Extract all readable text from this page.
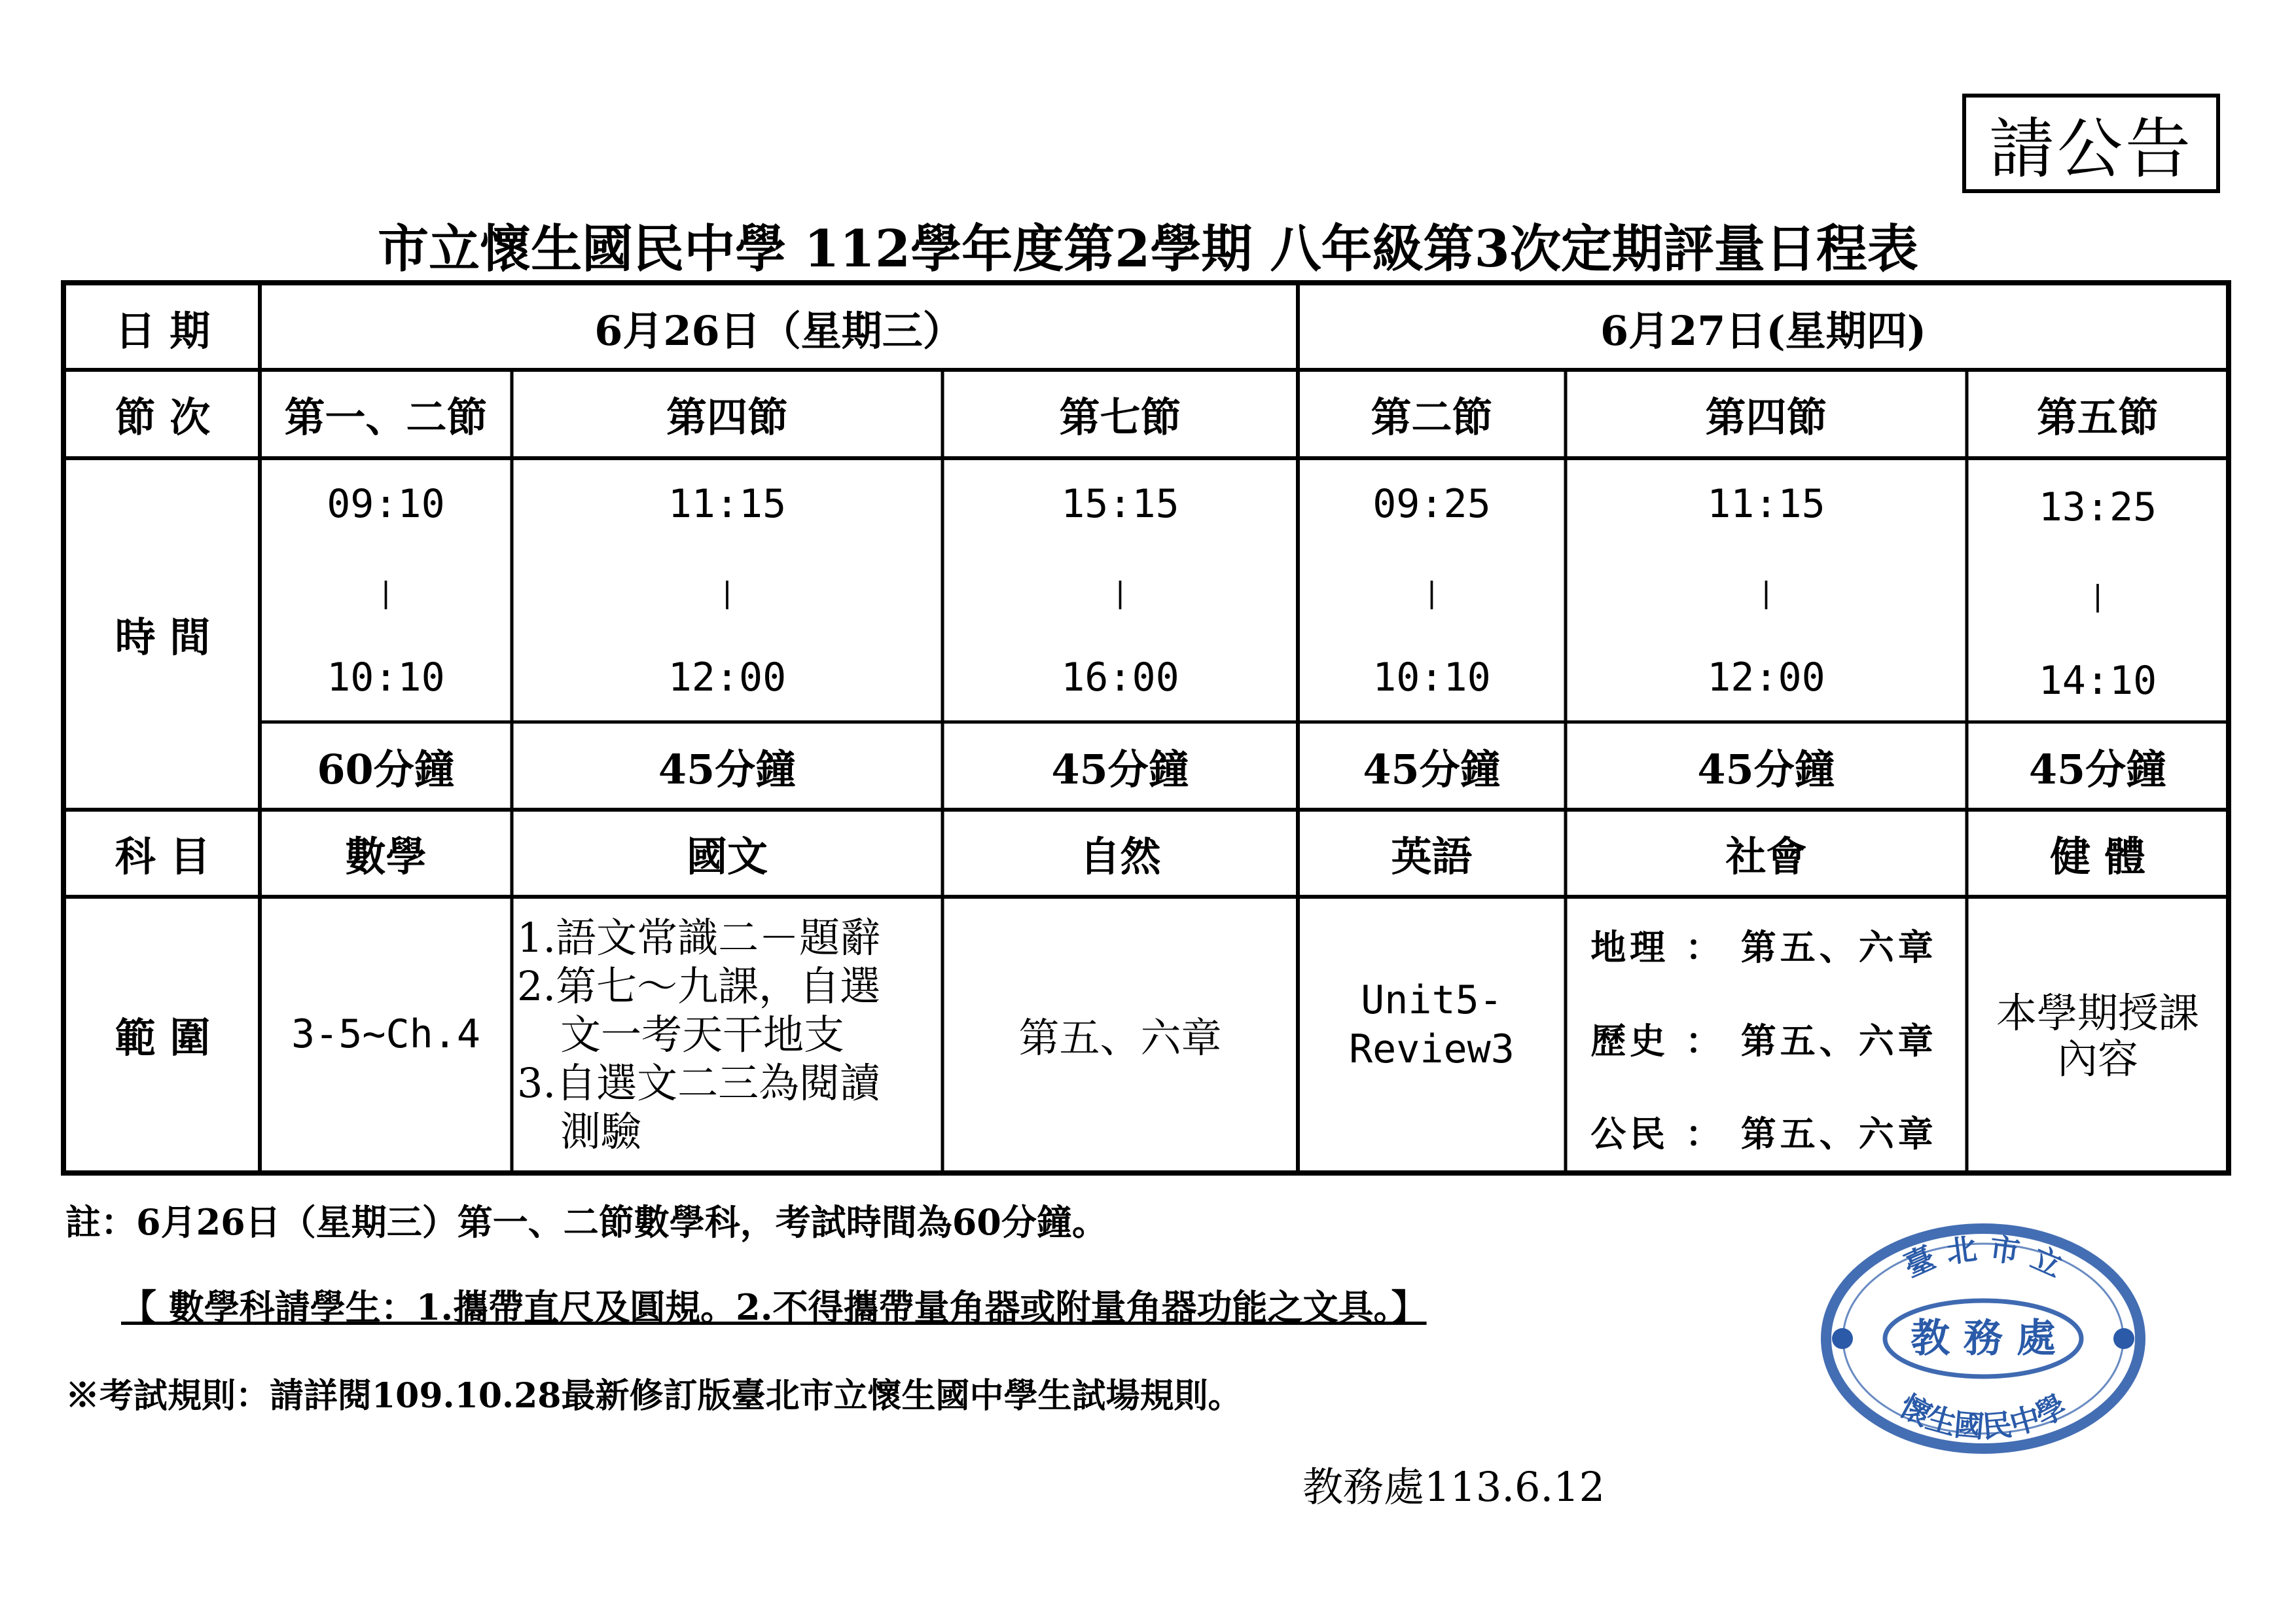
請公告
市立懷生國民中學 112學年度第2學期 八年級第3次定期評量日程表
日 期
節 次
時 間
科 目
範 圍
6月26日（星期三）	6月27日(星期四)
第一、二節
09:10
|
10:10
60分鐘
數學
3-5~Ch.4
第四節
11:15
|
12:00
45分鐘
國文
1.語文常識二－題辭
2.第七～九課，自選
文一考天干地支
3.自選文二三為閱讀
測驗
第七節
15:15
|
16:00
45分鐘
自然
第五、六章
第二節
09:25
|
10:10
45分鐘
英語
Unit5-
Review3
第四節
11:15
|
12:00
45分鐘
社會
地理 ： 第五、六章
歷史 ： 第五、六章
公民 ： 第五、六章
第五節
13:25
|
14:10
45分鐘
健 體
本學期授課
內容
註：6月26日（星期三）第一、二節數學科，考試時間為60分鐘。
【 數學科請學生：1.攜帶直尺及圓規。2.不得攜帶量角器或附量角器功能之文具。】
※考試規則：請詳閱109.10.28最新修訂版臺北市立懷生國中學生試場規則。
臺 北 市 立
教 務 處
懷生國民中學
教務處113.6.12
